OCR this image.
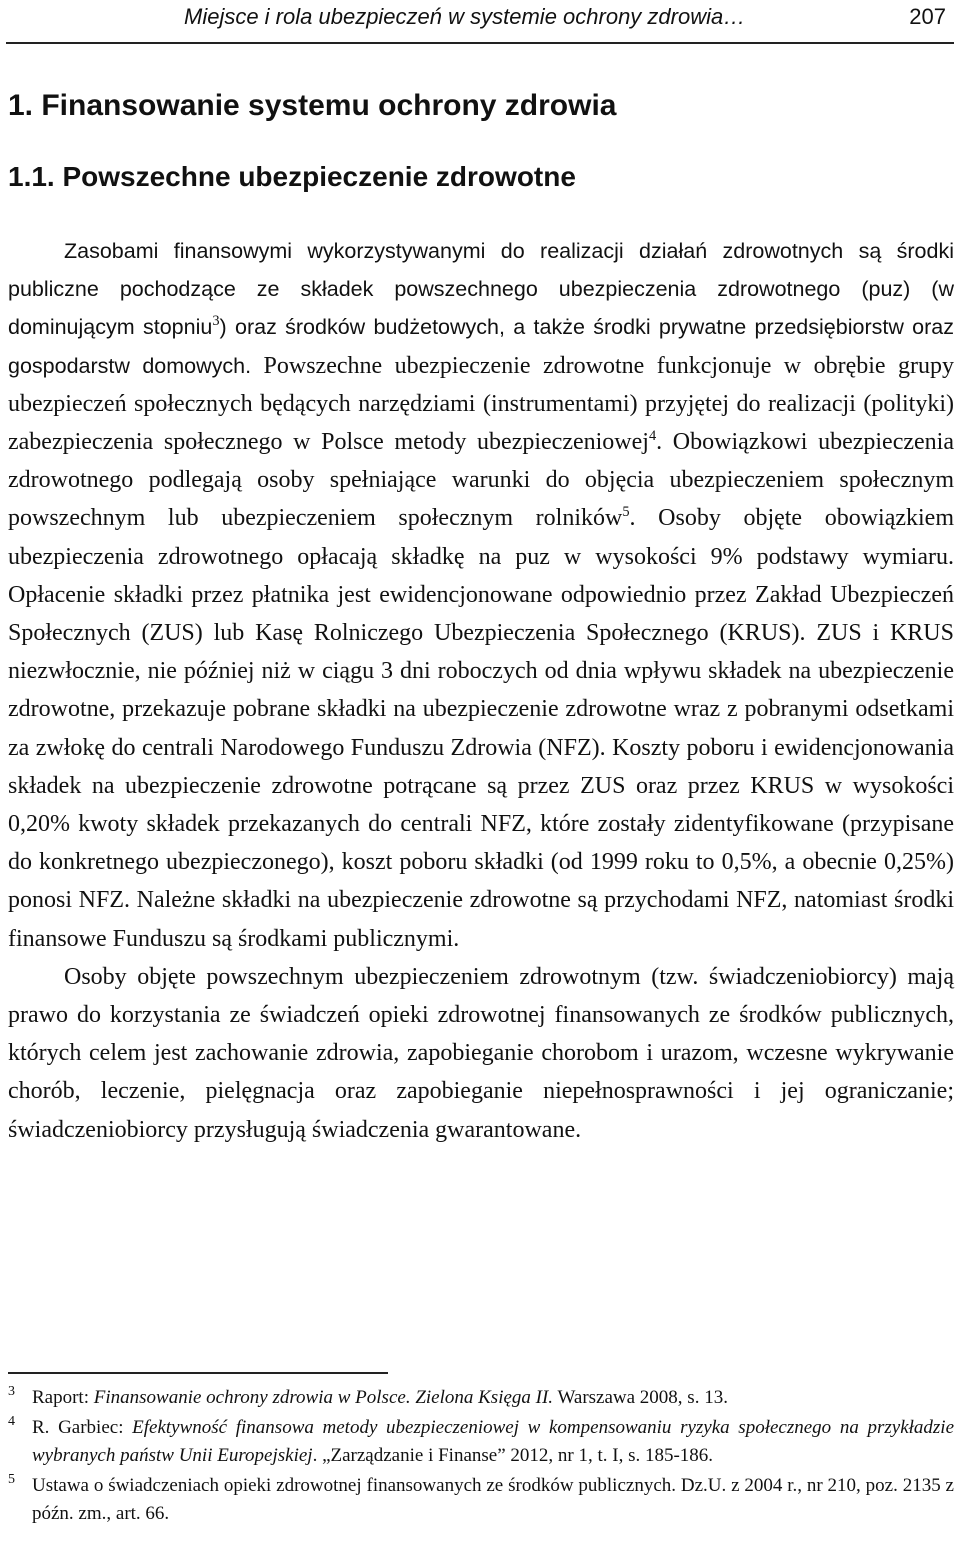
Miejsce i rola ubezpieczeń w systemie ochrony zdrowia…	207
1. Finansowanie systemu ochrony zdrowia
1.1. Powszechne ubezpieczenie zdrowotne

Zasobami finansowymi wykorzystywanymi do realizacji działań zdrowotnych są środki publiczne pochodzące ze składek powszechnego ubezpieczenia zdrowotnego (puz) (w dominującym stopniu$^3$) oraz środków budżetowych, a także środki prywatne przedsiębiorstw oraz gospodarstw domowych. Powszechne ubezpieczenie zdrowotne funkcjonuje w obrębie grupy ubezpieczeń społecznych będących narzędziami (instrumentami) przyjętej do realizacji (polityki) zabezpieczenia społecznego w Polsce metody ubezpieczeniowej$^4$. Obowiązkowi ubezpieczenia zdrowotnego podlegają osoby spełniające warunki do objęcia ubezpieczeniem społecznym powszechnym lub ubezpieczeniem społecznym rolników$^5$. Osoby objęte obowiązkiem ubezpieczenia zdrowotnego opłacają składkę na puz w wysokości 9% podstawy wymiaru. Opłacenie składki przez płatnika jest ewidencjonowane odpowiednio przez Zakład Ubezpieczeń Społecznych (ZUS) lub Kasę Rolniczego Ubezpieczenia Społecznego (KRUS). ZUS i KRUS niezwłocznie, nie później niż w ciągu 3 dni roboczych od dnia wpływu składek na ubezpieczenie zdrowotne, przekazuje pobrane składki na ubezpieczenie zdrowotne wraz z pobranymi odsetkami za zwłokę do centrali Narodowego Funduszu Zdrowia (NFZ). Koszty poboru i ewidencjonowania składek na ubezpieczenie zdrowotne potrącane są przez ZUS oraz przez KRUS w wysokości 0,20% kwoty składek przekazanych do centrali NFZ, które zostały zidentyfikowane (przypisane do konkretnego ubezpieczonego), koszt poboru składki (od 1999 roku to 0,5%, a obecnie 0,25%) ponosi NFZ. Należne składki na ubezpieczenie zdrowotne są przychodami NFZ, natomiast środki finansowe Funduszu są środkami publicznymi.

Osoby objęte powszechnym ubezpieczeniem zdrowotnym (tzw. świadczeniobiorcy) mają prawo do korzystania ze świadczeń opieki zdrowotnej finansowanych ze środków publicznych, których celem jest zachowanie zdrowia, zapobieganie chorobom i urazom, wczesne wykrywanie chorób, leczenie, pielęgnacja oraz zapobieganie niepełnosprawności i jej ograniczanie; świadczeniobiorcy przysługują świadczenia gwarantowane.

3 Raport: Finansowanie ochrony zdrowia w Polsce. Zielona Księga II. Warszawa 2008, s. 13.
4 R. Garbiec: Efektywność finansowa metody ubezpieczeniowej w kompensowaniu ryzyka społecznego na przykładzie wybranych państw Unii Europejskiej. „Zarządzanie i Finanse” 2012, nr 1, t. I, s. 185-186.
5 Ustawa o świadczeniach opieki zdrowotnej finansowanych ze środków publicznych. Dz.U. z 2004 r., nr 210, poz. 2135 z późn. zm., art. 66.
